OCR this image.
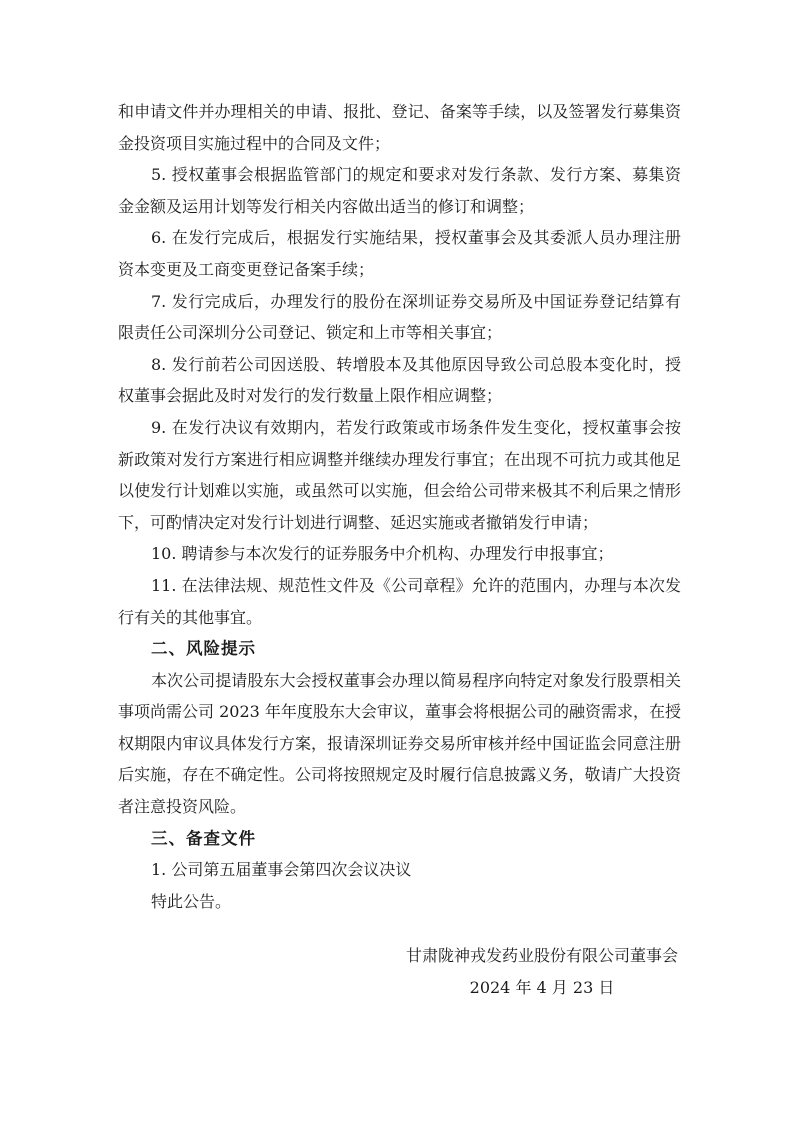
和申请文件并办理相关的申请、报批、登记、备案等手续，以及签署发行募集资金投资项目实施过程中的合同及文件；

5. 授权董事会根据监管部门的规定和要求对发行条款、发行方案、募集资金金额及运用计划等发行相关内容做出适当的修订和调整；

6. 在发行完成后，根据发行实施结果，授权董事会及其委派人员办理注册资本变更及工商变更登记备案手续；

7. 发行完成后，办理发行的股份在深圳证券交易所及中国证券登记结算有限责任公司深圳分公司登记、锁定和上市等相关事宜；

8. 发行前若公司因送股、转增股本及其他原因导致公司总股本变化时，授权董事会据此及时对发行的发行数量上限作相应调整；

9. 在发行决议有效期内，若发行政策或市场条件发生变化，授权董事会按新政策对发行方案进行相应调整并继续办理发行事宜；在出现不可抗力或其他足以使发行计划难以实施，或虽然可以实施，但会给公司带来极其不利后果之情形下，可酌情决定对发行计划进行调整、延迟实施或者撤销发行申请；

10. 聘请参与本次发行的证券服务中介机构、办理发行申报事宜；

11. 在法律法规、规范性文件及《公司章程》允许的范围内，办理与本次发行有关的其他事宜。

二、风险提示

本次公司提请股东大会授权董事会办理以简易程序向特定对象发行股票相关事项尚需公司 2023 年年度股东大会审议，董事会将根据公司的融资需求，在授权期限内审议具体发行方案，报请深圳证券交易所审核并经中国证监会同意注册后实施，存在不确定性。公司将按照规定及时履行信息披露义务，敬请广大投资者注意投资风险。

三、备查文件

1. 公司第五届董事会第四次会议决议

特此公告。

甘肃陇神戎发药业股份有限公司董事会

2024 年 4 月 23 日
